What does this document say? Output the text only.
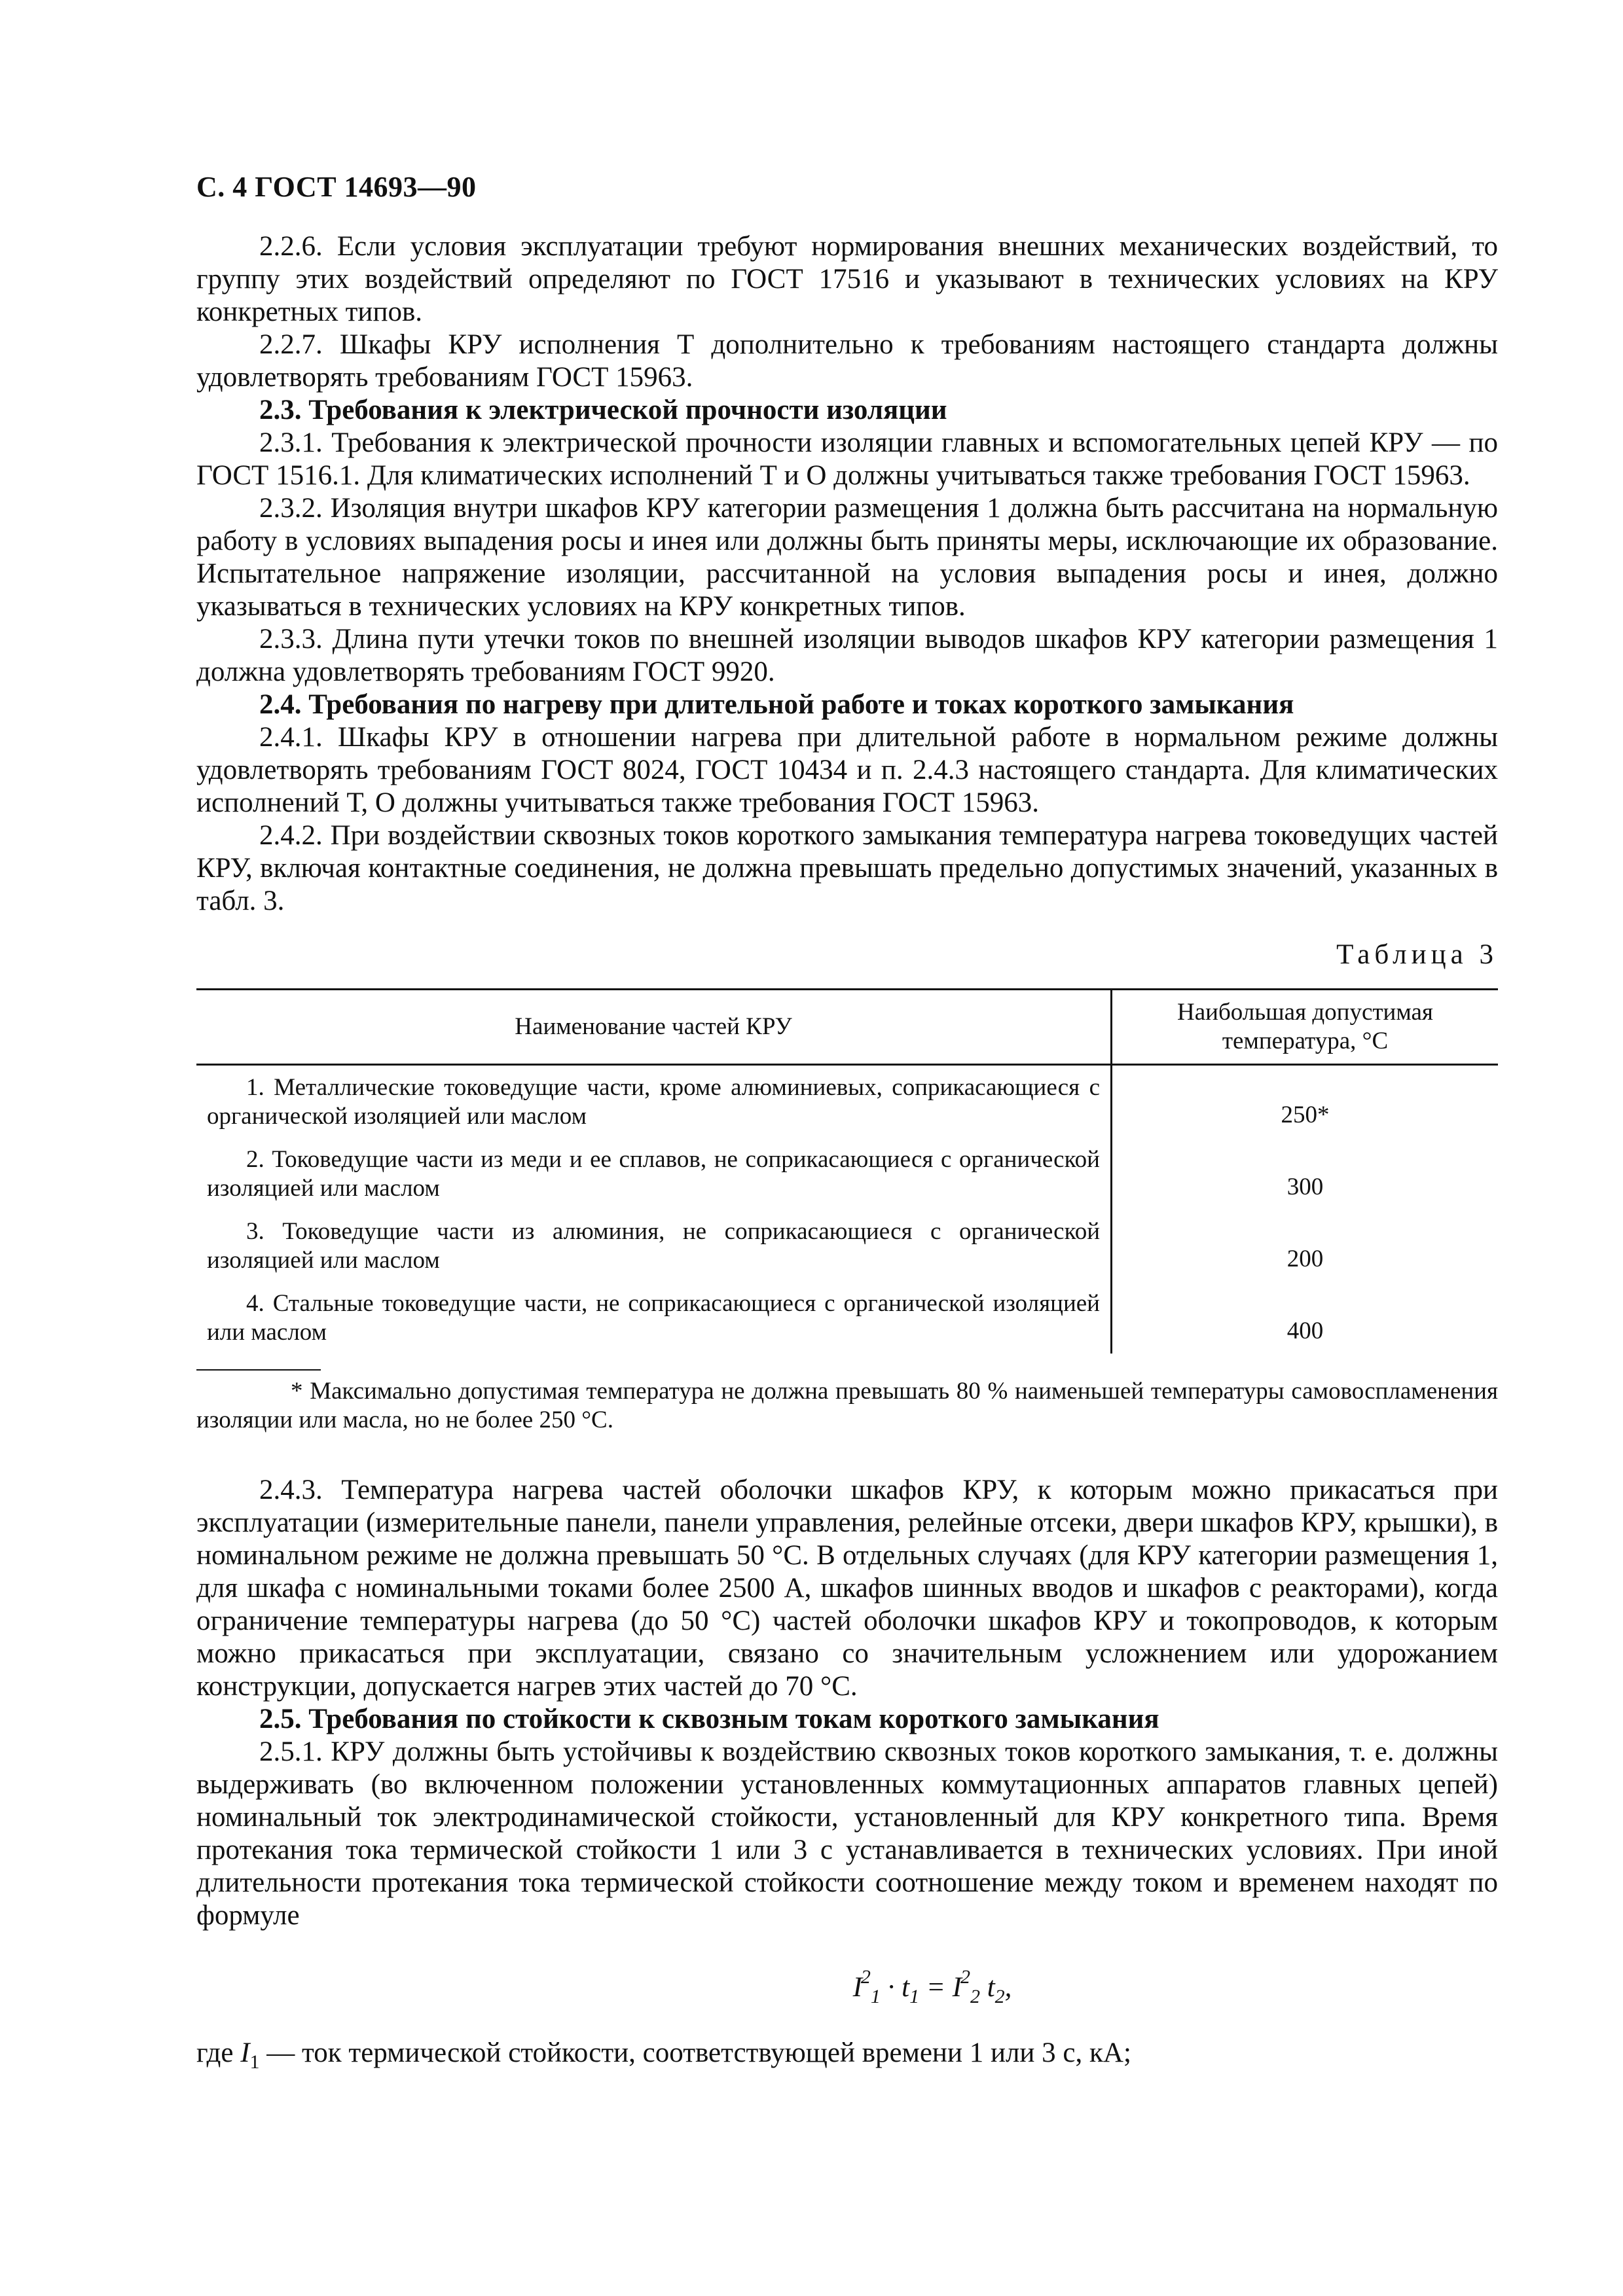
С. 4 ГОСТ 14693—90

2.2.6. Если условия эксплуатации требуют нормирования внешних механических воздействий, то группу этих воздействий определяют по ГОСТ 17516 и указывают в технических условиях на КРУ конкретных типов.

2.2.7. Шкафы КРУ исполнения Т дополнительно к требованиям настоящего стандарта должны удовлетворять требованиям ГОСТ 15963.

2.3. Требования к электрической прочности изоляции

2.3.1. Требования к электрической прочности изоляции главных и вспомогательных цепей КРУ — по ГОСТ 1516.1. Для климатических исполнений Т и О должны учитываться также требования ГОСТ 15963.

2.3.2. Изоляция внутри шкафов КРУ категории размещения 1 должна быть рассчитана на нормальную работу в условиях выпадения росы и инея или должны быть приняты меры, исключающие их образование. Испытательное напряжение изоляции, рассчитанной на условия выпадения росы и инея, должно указываться в технических условиях на КРУ конкретных типов.

2.3.3. Длина пути утечки токов по внешней изоляции выводов шкафов КРУ категории размещения 1 должна удовлетворять требованиям ГОСТ 9920.

2.4. Требования по нагреву при длительной работе и токах короткого замыкания

2.4.1. Шкафы КРУ в отношении нагрева при длительной работе в нормальном режиме должны удовлетворять требованиям ГОСТ 8024, ГОСТ 10434 и п. 2.4.3 настоящего стандарта. Для климатических исполнений Т, О должны учитываться также требования ГОСТ 15963.

2.4.2. При воздействии сквозных токов короткого замыкания температура нагрева токоведущих частей КРУ, включая контактные соединения, не должна превышать предельно допустимых значений, указанных в табл. 3.

Таблица 3
Наименование частей КРУ	Наибольшая допустимая температура, °С

1. Металлические токоведущие части, кроме алюминиевых, соприкасающиеся с органической изоляцией или маслом	250*

2. Токоведущие части из меди и ее сплавов, не соприкасающиеся с органической изоляцией или маслом	300

3. Токоведущие части из алюминия, не соприкасающиеся с органической изоляцией или маслом	200

4. Стальные токоведущие части, не соприкасающиеся с органической изоляцией или маслом	400

* Максимально допустимая температура не должна превышать 80 % наименьшей температуры самовоспламенения изоляции или масла, но не более 250 °С.

2.4.3. Температура нагрева частей оболочки шкафов КРУ, к которым можно прикасаться при эксплуатации (измерительные панели, панели управления, релейные отсеки, двери шкафов КРУ, крышки), в номинальном режиме не должна превышать 50 °С. В отдельных случаях (для КРУ категории размещения 1, для шкафа с номинальными токами более 2500 А, шкафов шинных вводов и шкафов с реакторами), когда ограничение температуры нагрева (до 50 °С) частей оболочки шкафов КРУ и токопроводов, к которым можно прикасаться при эксплуатации, связано со значительным усложнением или удорожанием конструкции, допускается нагрев этих частей до 70 °С.

2.5. Требования по стойкости к сквозным токам короткого замыкания

2.5.1. КРУ должны быть устойчивы к воздействию сквозных токов короткого замыкания, т. е. должны выдерживать (во включенном положении установленных коммутационных аппаратов главных цепей) номинальный ток электродинамической стойкости, установленный для КРУ конкретного типа. Время протекания тока термической стойкости 1 или 3 с устанавливается в технических условиях. При иной длительности протекания тока термической стойкости соотношение между током и временем находят по формуле

$I^2_1 \cdot t_1 = I^2_2$ $t_2$,

где $I_1$ — ток термической стойкости, соответствующей времени 1 или 3 с, кА;
